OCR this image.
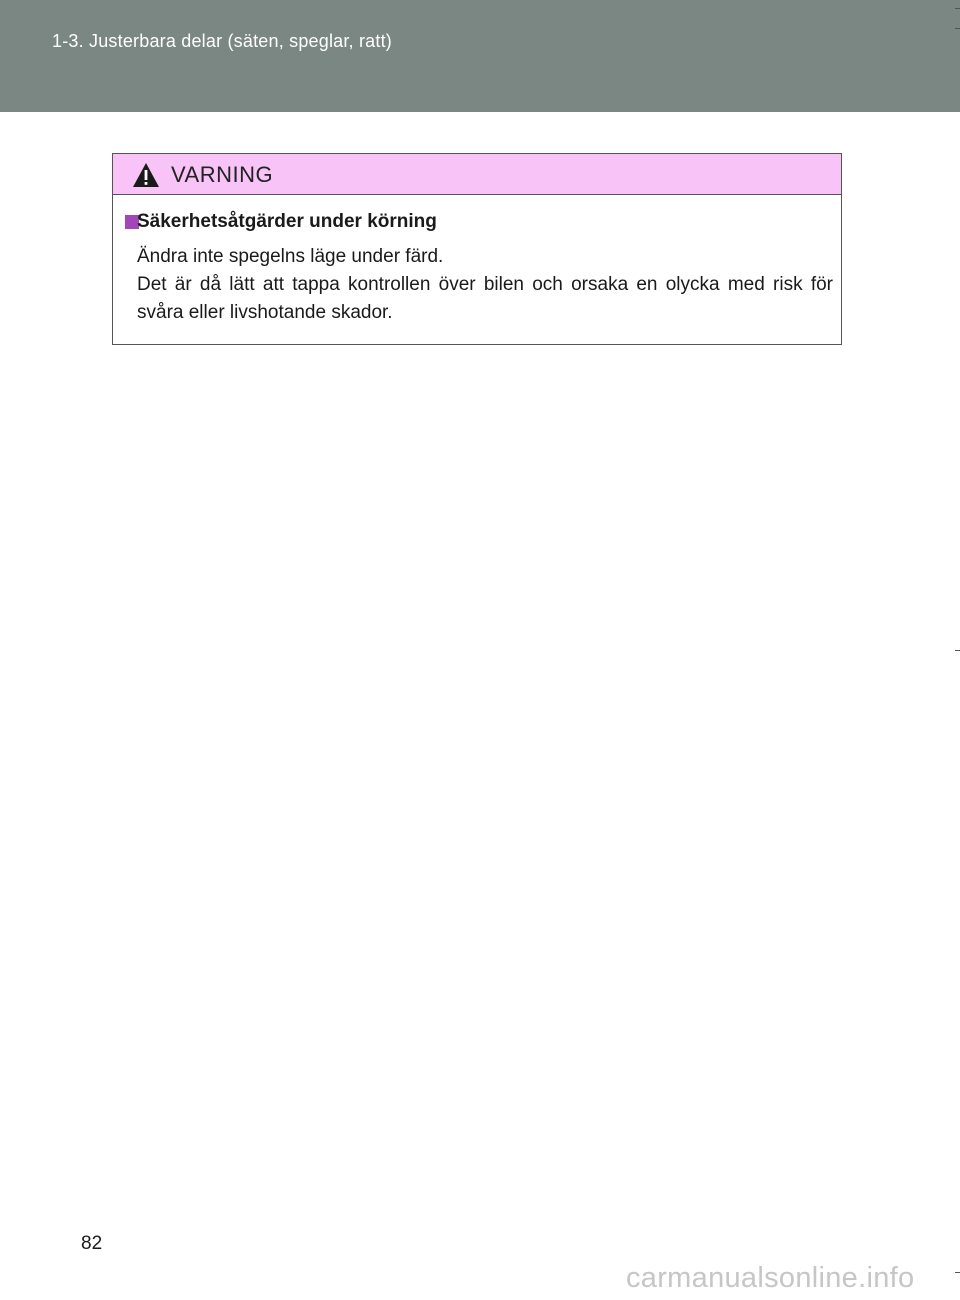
1-3. Justerbara delar (säten, speglar, ratt)
VARNING
Säkerhetsåtgärder under körning

Ändra inte spegelns läge under färd.

Det är då lätt att tappa kontrollen över bilen och orsaka en olycka med risk för svåra eller livshotande skador.

82
carmanualsonline.info
